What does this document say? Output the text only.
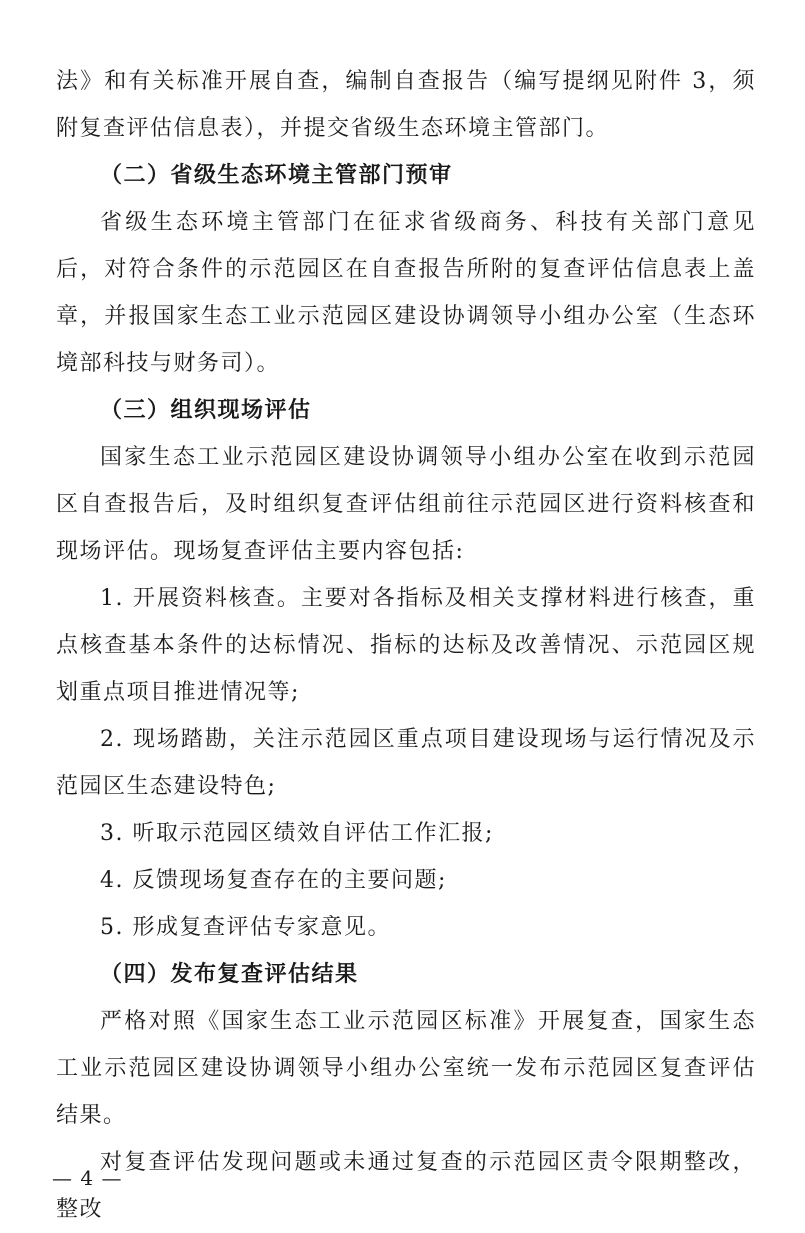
法》和有关标准开展自查，编制自查报告（编写提纲见附件 3，须附复查评估信息表），并提交省级生态环境主管部门。

（二）省级生态环境主管部门预审

省级生态环境主管部门在征求省级商务、科技有关部门意见后，对符合条件的示范园区在自查报告所附的复查评估信息表上盖章，并报国家生态工业示范园区建设协调领导小组办公室（生态环境部科技与财务司）。

（三）组织现场评估

国家生态工业示范园区建设协调领导小组办公室在收到示范园区自查报告后，及时组织复查评估组前往示范园区进行资料核查和现场评估。现场复查评估主要内容包括:

1. 开展资料核查。主要对各指标及相关支撑材料进行核查，重点核查基本条件的达标情况、指标的达标及改善情况、示范园区规划重点项目推进情况等;

2. 现场踏勘，关注示范园区重点项目建设现场与运行情况及示范园区生态建设特色;

3. 听取示范园区绩效自评估工作汇报;

4. 反馈现场复查存在的主要问题;

5. 形成复查评估专家意见。

（四）发布复查评估结果

严格对照《国家生态工业示范园区标准》开展复查，国家生态工业示范园区建设协调领导小组办公室统一发布示范园区复查评估结果。

对复查评估发现问题或未通过复查的示范园区责令限期整改，整改

— 4 —
